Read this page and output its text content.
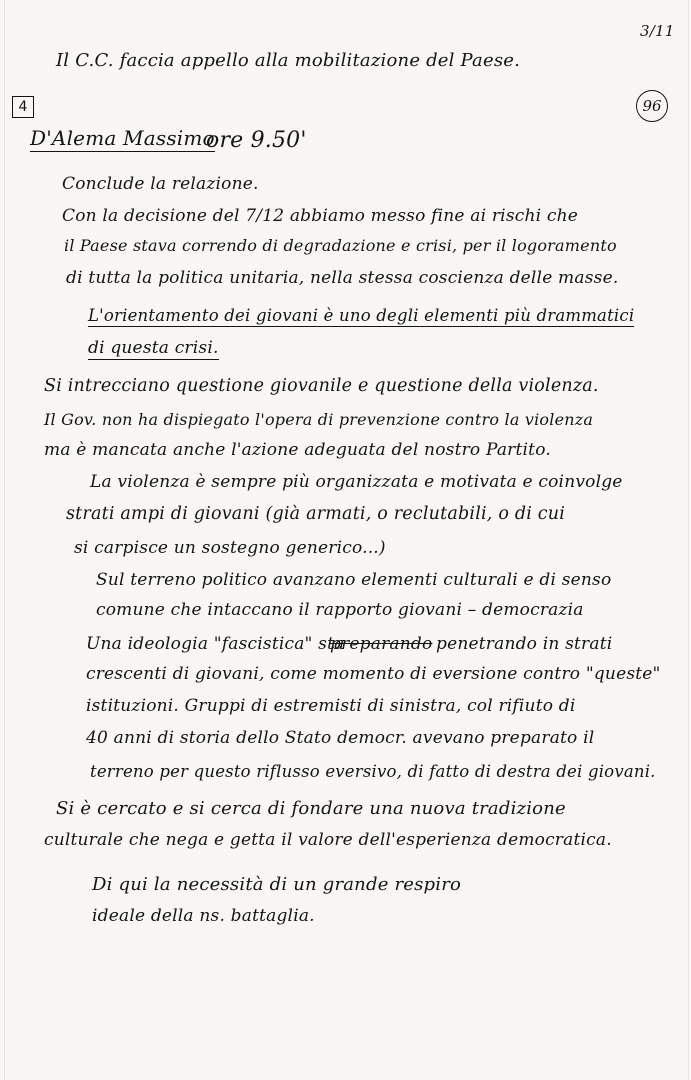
3/11
96
Il C.C. faccia appello alla mobilitazione del Paese.
4
D'Alema Massimo
ore 9.50'
Conclude la relazione.
Con la decisione del 7/12 abbiamo messo fine ai rischi che
il Paese stava correndo di degradazione e crisi, per il logoramento
di tutta la politica unitaria, nella stessa coscienza delle masse.
L'orientamento dei giovani è uno degli elementi più drammatici
di questa crisi.
Si intrecciano questione giovanile e questione della violenza.
Il Gov. non ha dispiegato l'opera di prevenzione contro la violenza
ma è mancata anche l'azione adeguata del nostro Partito.
La violenza è sempre più organizzata e motivata e coinvolge
strati ampi di giovani (già armati, o reclutabili, o di cui
si carpisce un sostegno generico...)
Sul terreno politico avanzano elementi culturali e di senso
comune che intaccano il rapporto giovani – democrazia
Una ideologia "fascistica" sta
preparando penetrando in strati
crescenti di giovani, come momento di eversione contro "queste"
istituzioni. Gruppi di estremisti di sinistra, col rifiuto di
40 anni di storia dello Stato democr. avevano preparato il
terreno per questo riflusso eversivo, di fatto di destra dei giovani.
Si è cercato e si cerca di fondare una nuova tradizione
culturale che nega e getta il valore dell'esperienza democratica.
Di qui la necessità di un grande respiro
ideale della ns. battaglia.
